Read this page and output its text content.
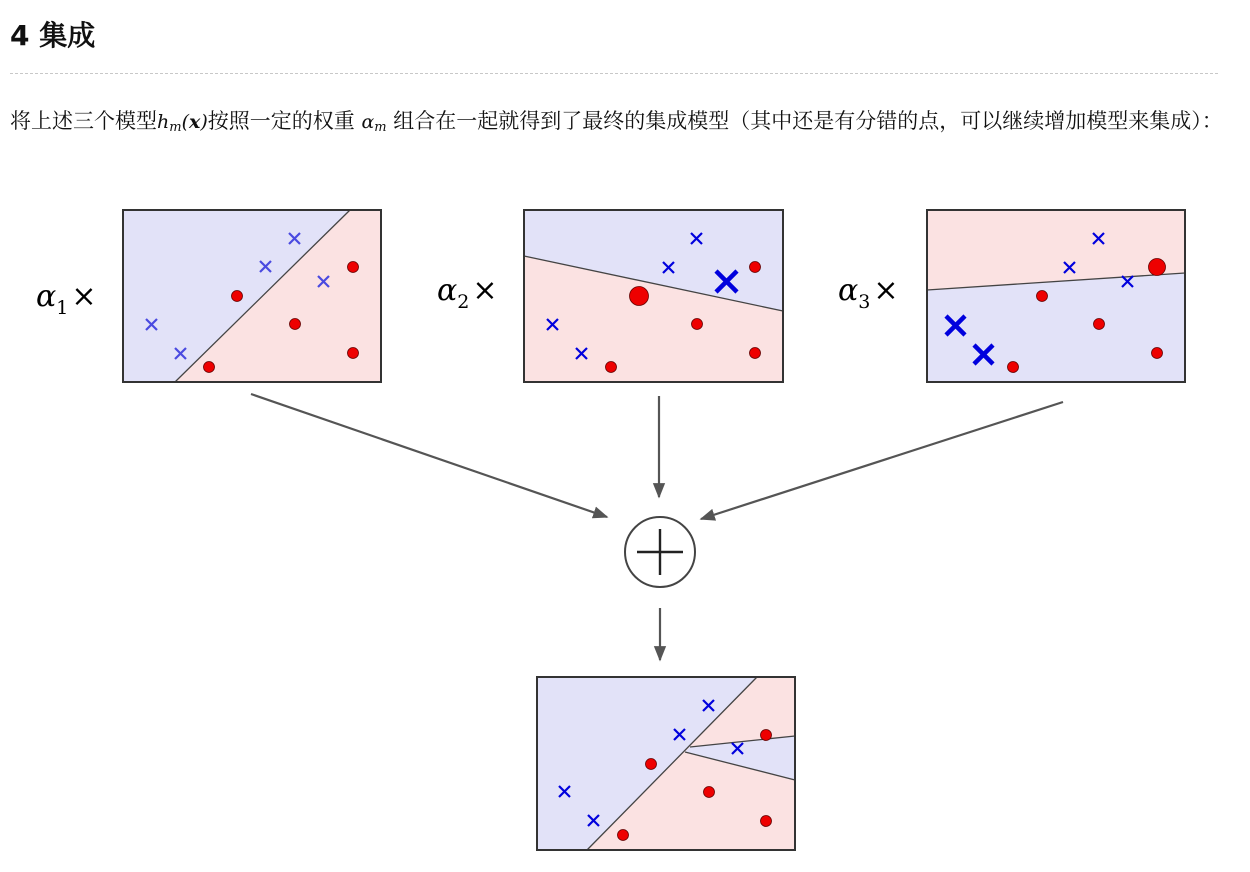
4 集成

将上述三个模型$h_m(x)$按照一定的权重 $\alpha_m$ 组合在一起就得到了最终的集成模型（其中还是有分错的点，可以继续增加模型来集成）：

$\alpha_1$ ×	$\alpha_2$ ×	$\alpha_3$ ×
